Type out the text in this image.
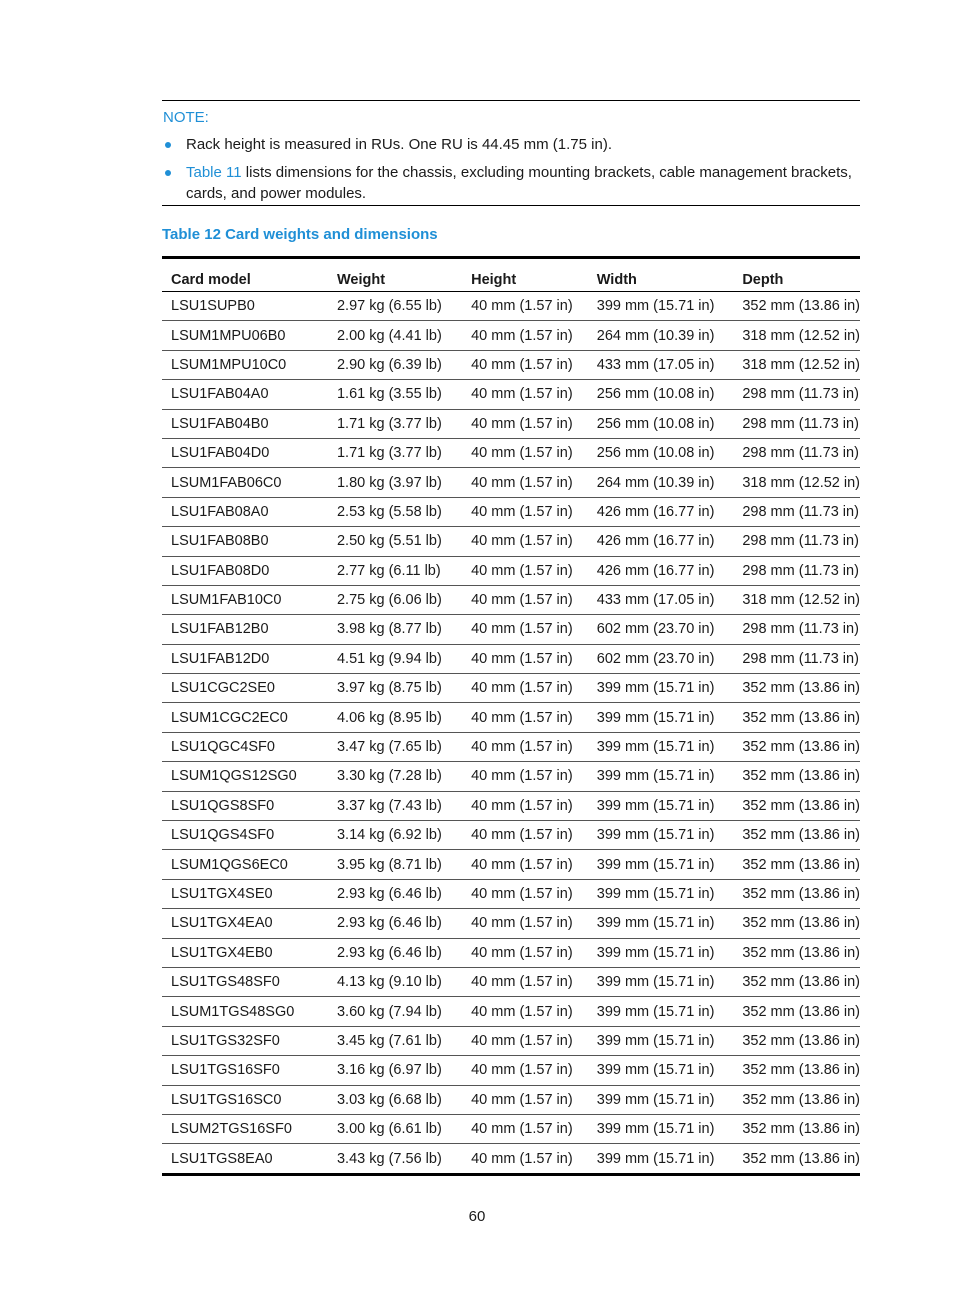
NOTE:
Rack height is measured in RUs. One RU is 44.45 mm (1.75 in).
Table 11 lists dimensions for the chassis, excluding mounting brackets, cable management brackets, cards, and power modules.
Table 12 Card weights and dimensions
Card model	Weight	Height	Width	Depth
LSU1SUPB0	2.97 kg (6.55 lb)	40 mm (1.57 in)	399 mm (15.71 in)	352 mm (13.86 in)
LSUM1MPU06B0	2.00 kg (4.41 lb)	40 mm (1.57 in)	264 mm (10.39 in)	318 mm (12.52 in)
LSUM1MPU10C0	2.90 kg (6.39 lb)	40 mm (1.57 in)	433 mm (17.05 in)	318 mm (12.52 in)
LSU1FAB04A0	1.61 kg (3.55 lb)	40 mm (1.57 in)	256 mm (10.08 in)	298 mm (11.73 in)
LSU1FAB04B0	1.71 kg (3.77 lb)	40 mm (1.57 in)	256 mm (10.08 in)	298 mm (11.73 in)
LSU1FAB04D0	1.71 kg (3.77 lb)	40 mm (1.57 in)	256 mm (10.08 in)	298 mm (11.73 in)
LSUM1FAB06C0	1.80 kg (3.97 lb)	40 mm (1.57 in)	264 mm (10.39 in)	318 mm (12.52 in)
LSU1FAB08A0	2.53 kg (5.58 lb)	40 mm (1.57 in)	426 mm (16.77 in)	298 mm (11.73 in)
LSU1FAB08B0	2.50 kg (5.51 lb)	40 mm (1.57 in)	426 mm (16.77 in)	298 mm (11.73 in)
LSU1FAB08D0	2.77 kg (6.11 lb)	40 mm (1.57 in)	426 mm (16.77 in)	298 mm (11.73 in)
LSUM1FAB10C0	2.75 kg (6.06 lb)	40 mm (1.57 in)	433 mm (17.05 in)	318 mm (12.52 in)
LSU1FAB12B0	3.98 kg (8.77 lb)	40 mm (1.57 in)	602 mm (23.70 in)	298 mm (11.73 in)
LSU1FAB12D0	4.51 kg (9.94 lb)	40 mm (1.57 in)	602 mm (23.70 in)	298 mm (11.73 in)
LSU1CGC2SE0	3.97 kg (8.75 lb)	40 mm (1.57 in)	399 mm (15.71 in)	352 mm (13.86 in)
LSUM1CGC2EC0	4.06 kg (8.95 lb)	40 mm (1.57 in)	399 mm (15.71 in)	352 mm (13.86 in)
LSU1QGC4SF0	3.47 kg (7.65 lb)	40 mm (1.57 in)	399 mm (15.71 in)	352 mm (13.86 in)
LSUM1QGS12SG0	3.30 kg (7.28 lb)	40 mm (1.57 in)	399 mm (15.71 in)	352 mm (13.86 in)
LSU1QGS8SF0	3.37 kg (7.43 lb)	40 mm (1.57 in)	399 mm (15.71 in)	352 mm (13.86 in)
LSU1QGS4SF0	3.14 kg (6.92 lb)	40 mm (1.57 in)	399 mm (15.71 in)	352 mm (13.86 in)
LSUM1QGS6EC0	3.95 kg (8.71 lb)	40 mm (1.57 in)	399 mm (15.71 in)	352 mm (13.86 in)
LSU1TGX4SE0	2.93 kg (6.46 lb)	40 mm (1.57 in)	399 mm (15.71 in)	352 mm (13.86 in)
LSU1TGX4EA0	2.93 kg (6.46 lb)	40 mm (1.57 in)	399 mm (15.71 in)	352 mm (13.86 in)
LSU1TGX4EB0	2.93 kg (6.46 lb)	40 mm (1.57 in)	399 mm (15.71 in)	352 mm (13.86 in)
LSU1TGS48SF0	4.13 kg (9.10 lb)	40 mm (1.57 in)	399 mm (15.71 in)	352 mm (13.86 in)
LSUM1TGS48SG0	3.60 kg (7.94 lb)	40 mm (1.57 in)	399 mm (15.71 in)	352 mm (13.86 in)
LSU1TGS32SF0	3.45 kg (7.61 lb)	40 mm (1.57 in)	399 mm (15.71 in)	352 mm (13.86 in)
LSU1TGS16SF0	3.16 kg (6.97 lb)	40 mm (1.57 in)	399 mm (15.71 in)	352 mm (13.86 in)
LSU1TGS16SC0	3.03 kg (6.68 lb)	40 mm (1.57 in)	399 mm (15.71 in)	352 mm (13.86 in)
LSUM2TGS16SF0	3.00 kg (6.61 lb)	40 mm (1.57 in)	399 mm (15.71 in)	352 mm (13.86 in)
LSU1TGS8EA0	3.43 kg (7.56 lb)	40 mm (1.57 in)	399 mm (15.71 in)	352 mm (13.86 in)
60
